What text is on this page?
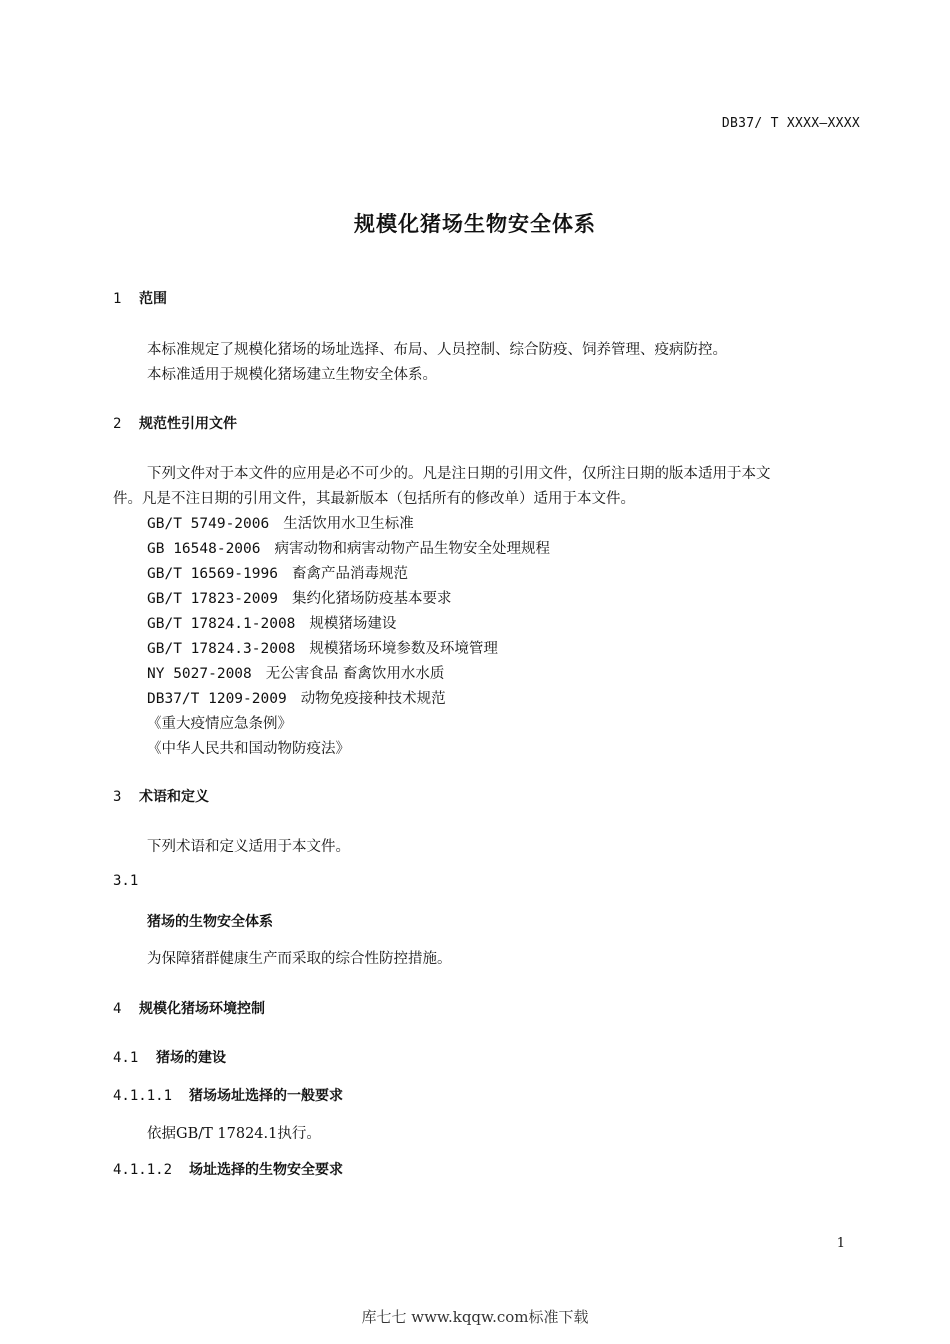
DB37/ T XXXX—XXXX
规模化猪场生物安全体系
1 范围
本标准规定了规模化猪场的场址选择、布局、人员控制、综合防疫、饲养管理、疫病防控。
本标准适用于规模化猪场建立生物安全体系。
2 规范性引用文件
下列文件对于本文件的应用是必不可少的。凡是注日期的引用文件，仅所注日期的版本适用于本文
件。凡是不注日期的引用文件，其最新版本（包括所有的修改单）适用于本文件。
GB/T 5749-2006 生活饮用水卫生标准
GB 16548-2006 病害动物和病害动物产品生物安全处理规程
GB/T 16569-1996 畜禽产品消毒规范
GB/T 17823-2009 集约化猪场防疫基本要求
GB/T 17824.1-2008 规模猪场建设
GB/T 17824.3-2008 规模猪场环境参数及环境管理
NY 5027-2008 无公害食品 畜禽饮用水水质
DB37/T 1209-2009 动物免疫接种技术规范
《重大疫情应急条例》
《中华人民共和国动物防疫法》
3 术语和定义
下列术语和定义适用于本文件。
3.1
猪场的生物安全体系
为保障猪群健康生产而采取的综合性防控措施。
4 规模化猪场环境控制
4.1 猪场的建设
4.1.1.1 猪场场址选择的一般要求
依据GB/T 17824.1执行。
4.1.1.2 场址选择的生物安全要求
1
库七七 www.kqqw.com标准下载
